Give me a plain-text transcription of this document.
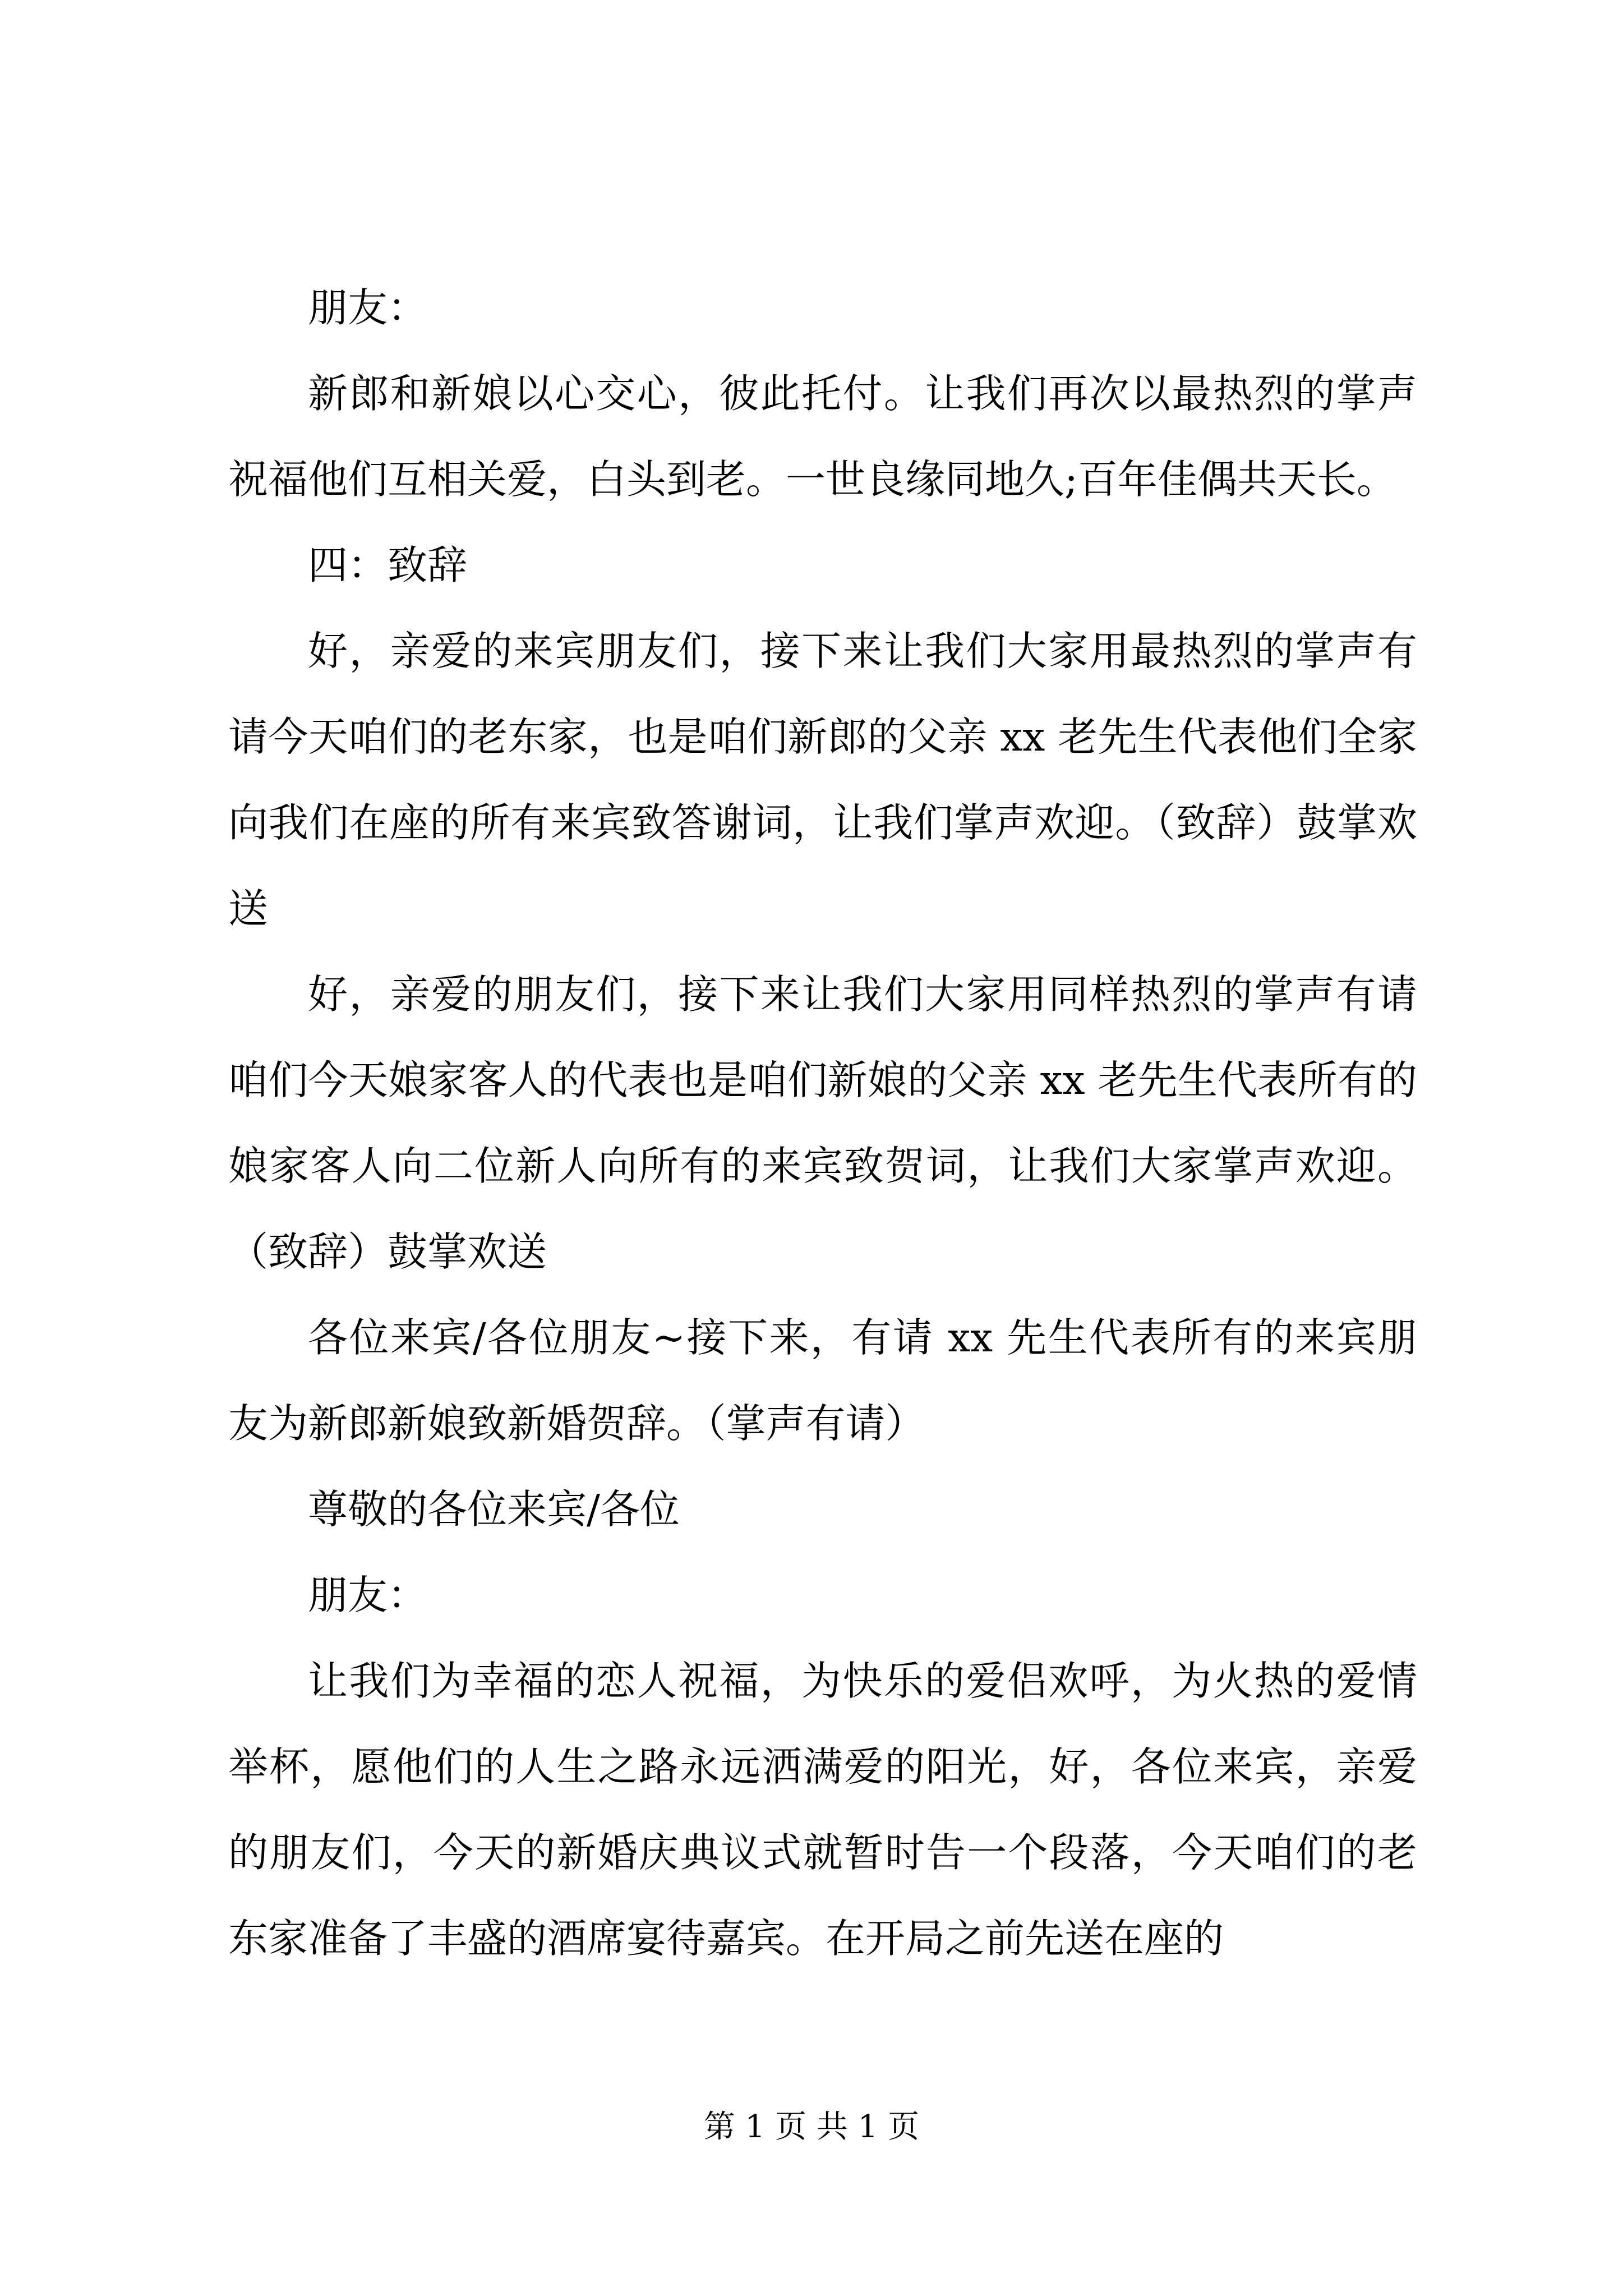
朋友：

新郎和新娘以心交心，彼此托付。让我们再次以最热烈的掌声祝福他们互相关爱，白头到老。一世良缘同地久;百年佳偶共天长。

四：致辞

好，亲爱的来宾朋友们，接下来让我们大家用最热烈的掌声有请今天咱们的老东家，也是咱们新郎的父亲 xx 老先生代表他们全家向我们在座的所有来宾致答谢词，让我们掌声欢迎。（致辞）鼓掌欢送

好，亲爱的朋友们，接下来让我们大家用同样热烈的掌声有请咱们今天娘家客人的代表也是咱们新娘的父亲 xx 老先生代表所有的娘家客人向二位新人向所有的来宾致贺词，让我们大家掌声欢迎。（致辞）鼓掌欢送

各位来宾/各位朋友~接下来，有请 xx 先生代表所有的来宾朋友为新郎新娘致新婚贺辞。（掌声有请）

尊敬的各位来宾/各位

朋友：

让我们为幸福的恋人祝福，为快乐的爱侣欢呼，为火热的爱情举杯，愿他们的人生之路永远洒满爱的阳光，好，各位来宾，亲爱的朋友们，今天的新婚庆典议式就暂时告一个段落，今天咱们的老东家准备了丰盛的酒席宴待嘉宾。在开局之前先送在座的

第 1 页 共 1 页
